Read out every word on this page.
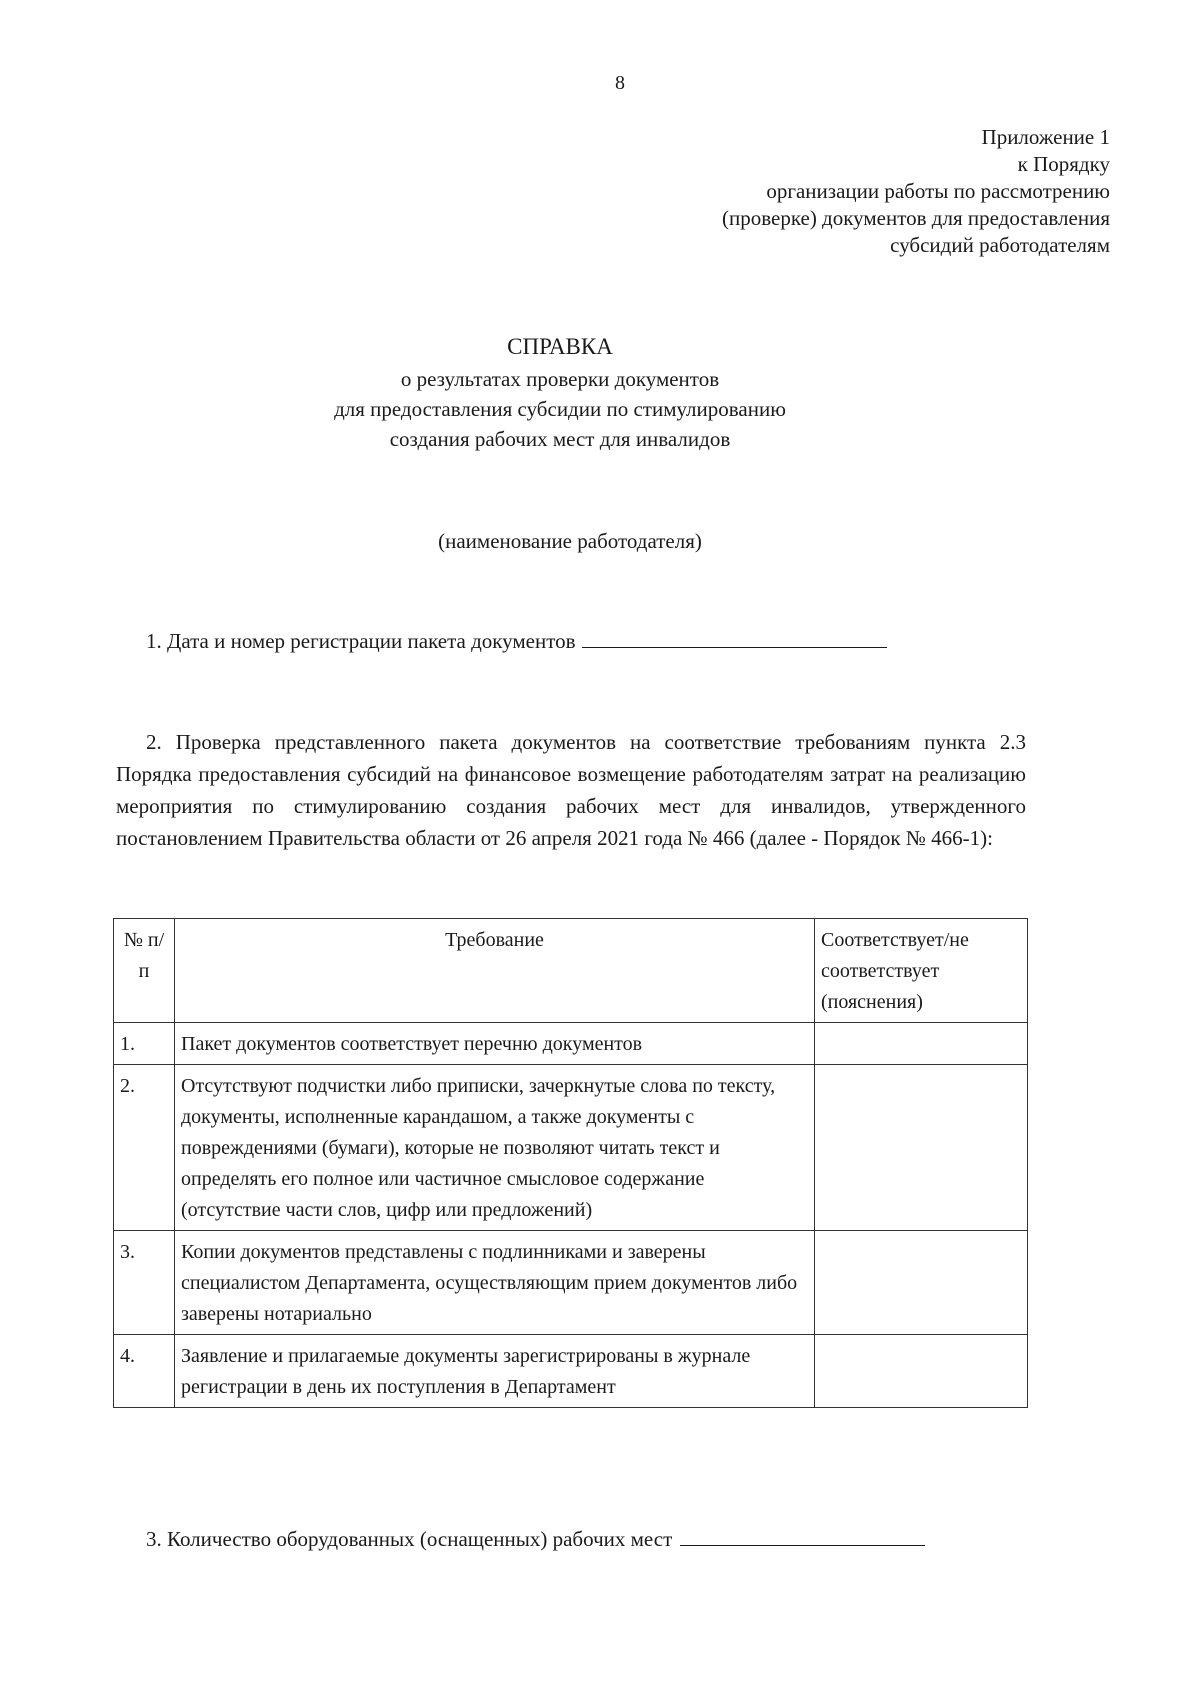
8
Приложение 1
к Порядку
организации работы по рассмотрению
(проверке) документов для предоставления
субсидий работодателям
СПРАВКА
о результатах проверки документов
для предоставления субсидии по стимулированию
создания рабочих мест для инвалидов
(наименование работодателя)
1. Дата и номер регистрации пакета документов

2. Проверка представленного пакета документов на соответствие требованиям пункта 2.3 Порядка предоставления субсидий на финансовое возмещение работодателям затрат на реализацию мероприятия по стимулированию создания рабочих мест для инвалидов, утвержденного постановлением Правительства области от 26 апреля 2021 года № 466 (далее - Порядок № 466-1):

№ п/п	Требование	Соответствует/не соответствует (пояснения)
1.	Пакет документов соответствует перечню документов	
2.	Отсутствуют подчистки либо приписки, зачеркнутые слова по тексту, документы, исполненные карандашом, а также документы с повреждениями (бумаги), которые не позволяют читать текст и определять его полное или частичное смысловое содержание (отсутствие части слов, цифр или предложений)	
3.	Копии документов представлены с подлинниками и заверены специалистом Департамента, осуществляющим прием документов либо заверены нотариально	
4.	Заявление и прилагаемые документы зарегистрированы в журнале регистрации в день их поступления в Департамент	
3. Количество оборудованных (оснащенных) рабочих мест
